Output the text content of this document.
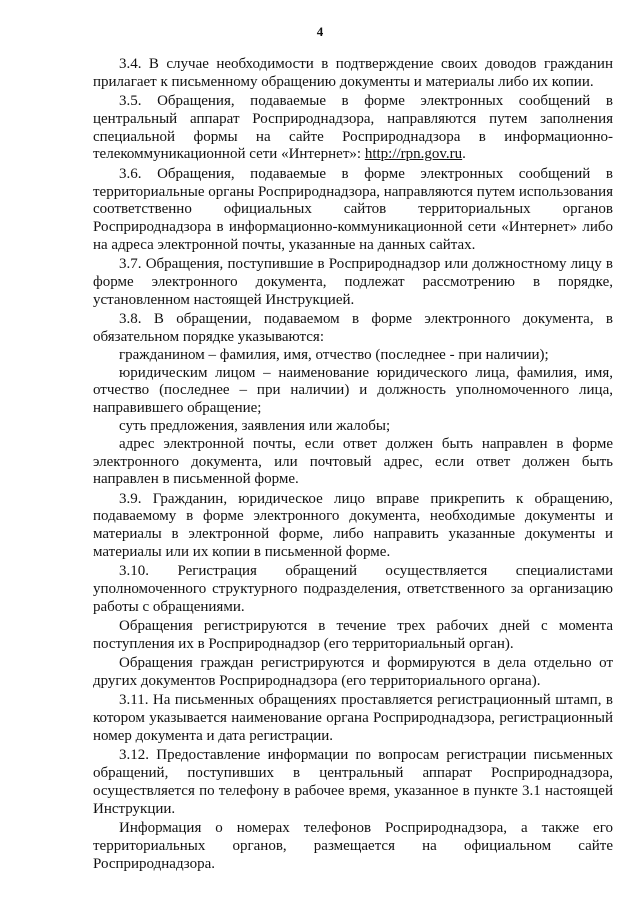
4

3.4. В случае необходимости в подтверждение своих доводов гражданин прилагает к письменному обращению документы и материалы либо их копии.

3.5. Обращения, подаваемые в форме электронных сообщений в центральный аппарат Росприроднадзора, направляются путем заполнения специальной формы на сайте Росприроднадзора в информационно-телекоммуникационной сети «Интернет»: http://rpn.gov.ru.

3.6. Обращения, подаваемые в форме электронных сообщений в территориальные органы Росприроднадзора, направляются путем использования соответственно официальных сайтов территориальных органов Росприроднадзора в информационно-коммуникационной сети «Интернет» либо на адреса электронной почты, указанные на данных сайтах.

3.7. Обращения, поступившие в Росприроднадзор или должностному лицу в форме электронного документа, подлежат рассмотрению в порядке, установленном настоящей Инструкцией.

3.8. В обращении, подаваемом в форме электронного документа, в обязательном порядке указываются:

гражданином – фамилия, имя, отчество (последнее - при наличии);

юридическим лицом – наименование юридического лица, фамилия, имя, отчество (последнее – при наличии) и должность уполномоченного лица, направившего обращение;

суть предложения, заявления или жалобы;

адрес электронной почты, если ответ должен быть направлен в форме электронного документа, или почтовый адрес, если ответ должен быть направлен в письменной форме.

3.9. Гражданин, юридическое лицо вправе прикрепить к обращению, подаваемому в форме электронного документа, необходимые документы и материалы в электронной форме, либо направить указанные документы и материалы или их копии в письменной форме.

3.10. Регистрация обращений осуществляется специалистами уполномоченного структурного подразделения, ответственного за организацию работы с обращениями.

Обращения регистрируются в течение трех рабочих дней с момента поступления их в Росприроднадзор (его территориальный орган).

Обращения граждан регистрируются и формируются в дела отдельно от других документов Росприроднадзора (его территориального органа).

3.11. На письменных обращениях проставляется регистрационный штамп, в котором указывается наименование органа Росприроднадзора, регистрационный номер документа и дата регистрации.

3.12. Предоставление информации по вопросам регистрации письменных обращений, поступивших в центральный аппарат Росприроднадзора, осуществляется по телефону в рабочее время, указанное в пункте 3.1 настоящей Инструкции.

Информация о номерах телефонов Росприроднадзора, а также его территориальных органов, размещается на официальном сайте Росприроднадзора.
